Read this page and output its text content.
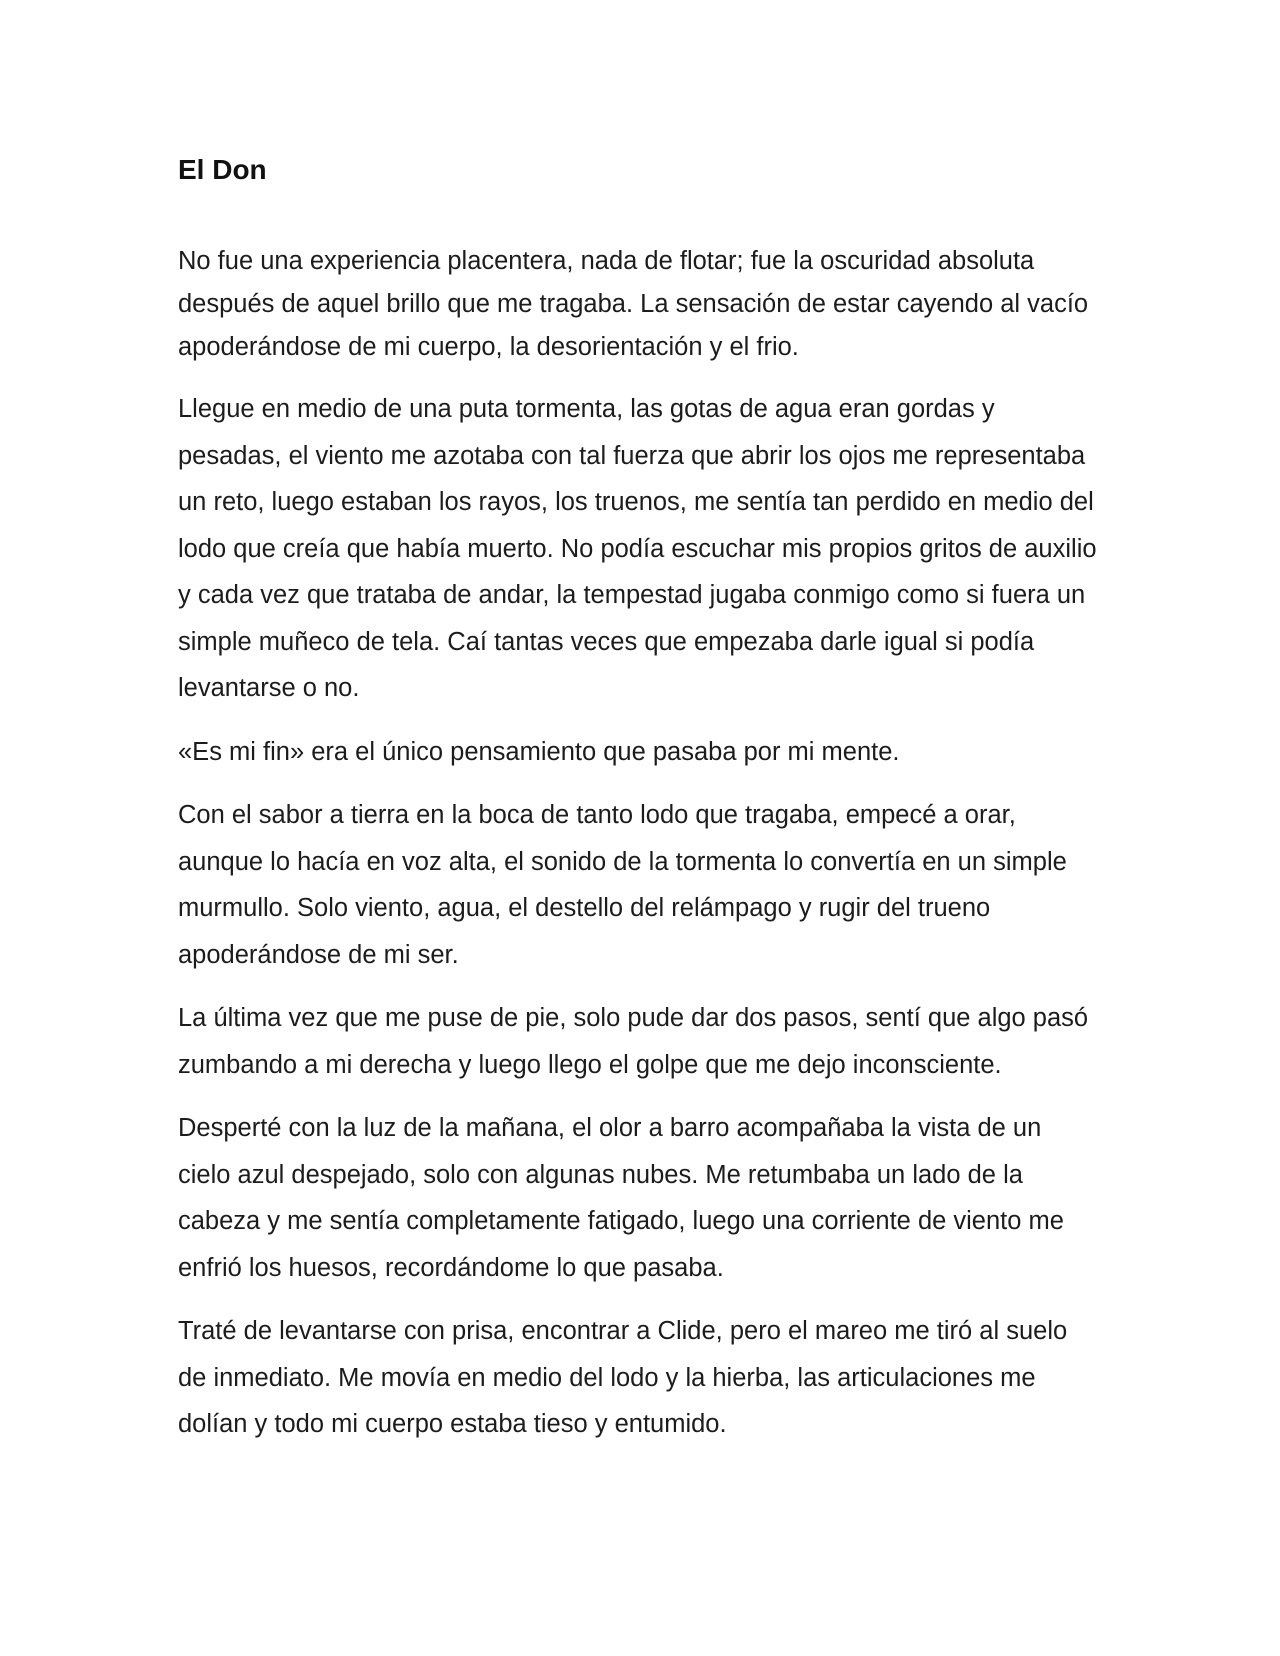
El Don

No fue una experiencia placentera, nada de flotar; fue la oscuridad absoluta después de aquel brillo que me tragaba. La sensación de estar cayendo al vacío apoderándose de mi cuerpo, la desorientación y el frio.

Llegue en medio de una puta tormenta, las gotas de agua eran gordas y pesadas, el viento me azotaba con tal fuerza que abrir los ojos me representaba un reto, luego estaban los rayos, los truenos, me sentía tan perdido en medio del lodo que creía que había muerto. No podía escuchar mis propios gritos de auxilio y cada vez que trataba de andar, la tempestad jugaba conmigo como si fuera un simple muñeco de tela. Caí tantas veces que empezaba darle igual si podía levantarse o no.

«Es mi fin» era el único pensamiento que pasaba por mi mente.

Con el sabor a tierra en la boca de tanto lodo que tragaba, empecé a orar, aunque lo hacía en voz alta, el sonido de la tormenta lo convertía en un simple murmullo. Solo viento, agua, el destello del relámpago y rugir del trueno apoderándose de mi ser.

La última vez que me puse de pie, solo pude dar dos pasos, sentí que algo pasó zumbando a mi derecha y luego llego el golpe que me dejo inconsciente.

Desperté con la luz de la mañana, el olor a barro acompañaba la vista de un cielo azul despejado, solo con algunas nubes. Me retumbaba un lado de la cabeza y me sentía completamente fatigado, luego una corriente de viento me enfrió los huesos, recordándome lo que pasaba.

Traté de levantarse con prisa, encontrar a Clide, pero el mareo me tiró al suelo de inmediato. Me movía en medio del lodo y la hierba, las articulaciones me dolían y todo mi cuerpo estaba tieso y entumido.
